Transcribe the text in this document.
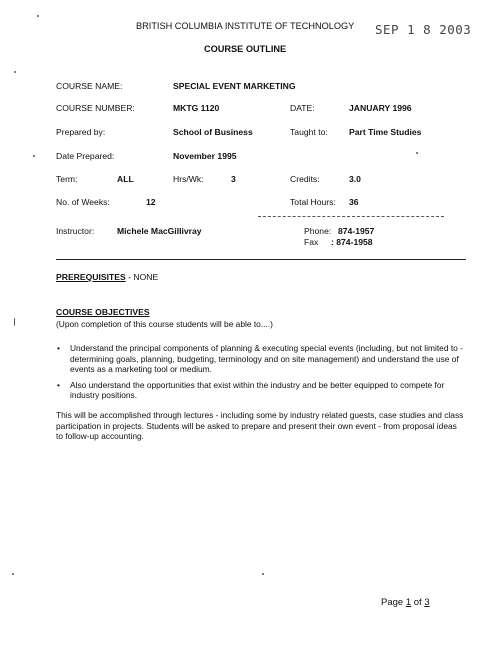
BRITISH COLUMBIA INSTITUTE OF TECHNOLOGY SEP 1 8 2003
COURSE OUTLINE
COURSE NAME:	SPECIAL EVENT MARKETING
COURSE NUMBER:	MKTG 1120	DATE:	JANUARY 1996
Prepared by:	School of Business	Taught to: Part Time Studies
Date Prepared:	November 1995
Term:	ALL	Hrs/Wk:	3	Credits:	3.0
No. of Weeks:	12	Total Hours: 36
Instructor:	Michele MacGillivray	Phone: 874-1957
Fax : 874-1958
PREREQUISITES - NONE
COURSE OBJECTIVES
(Upon completion of this course students will be able to....)
• Understand the principal components of planning & executing special events (including, but not limited to - determining goals, planning, budgeting, terminology and on site management) and understand the use of events as a marketing tool or medium.
• Also understand the opportunities that exist within the industry and be better equipped to compete for industry positions.
This will be accomplished through lectures - including some by industry related guests, case studies and class participation in projects. Students will be asked to prepare and present their own event - from proposal ideas to follow-up accounting.
Page 1 of 3
